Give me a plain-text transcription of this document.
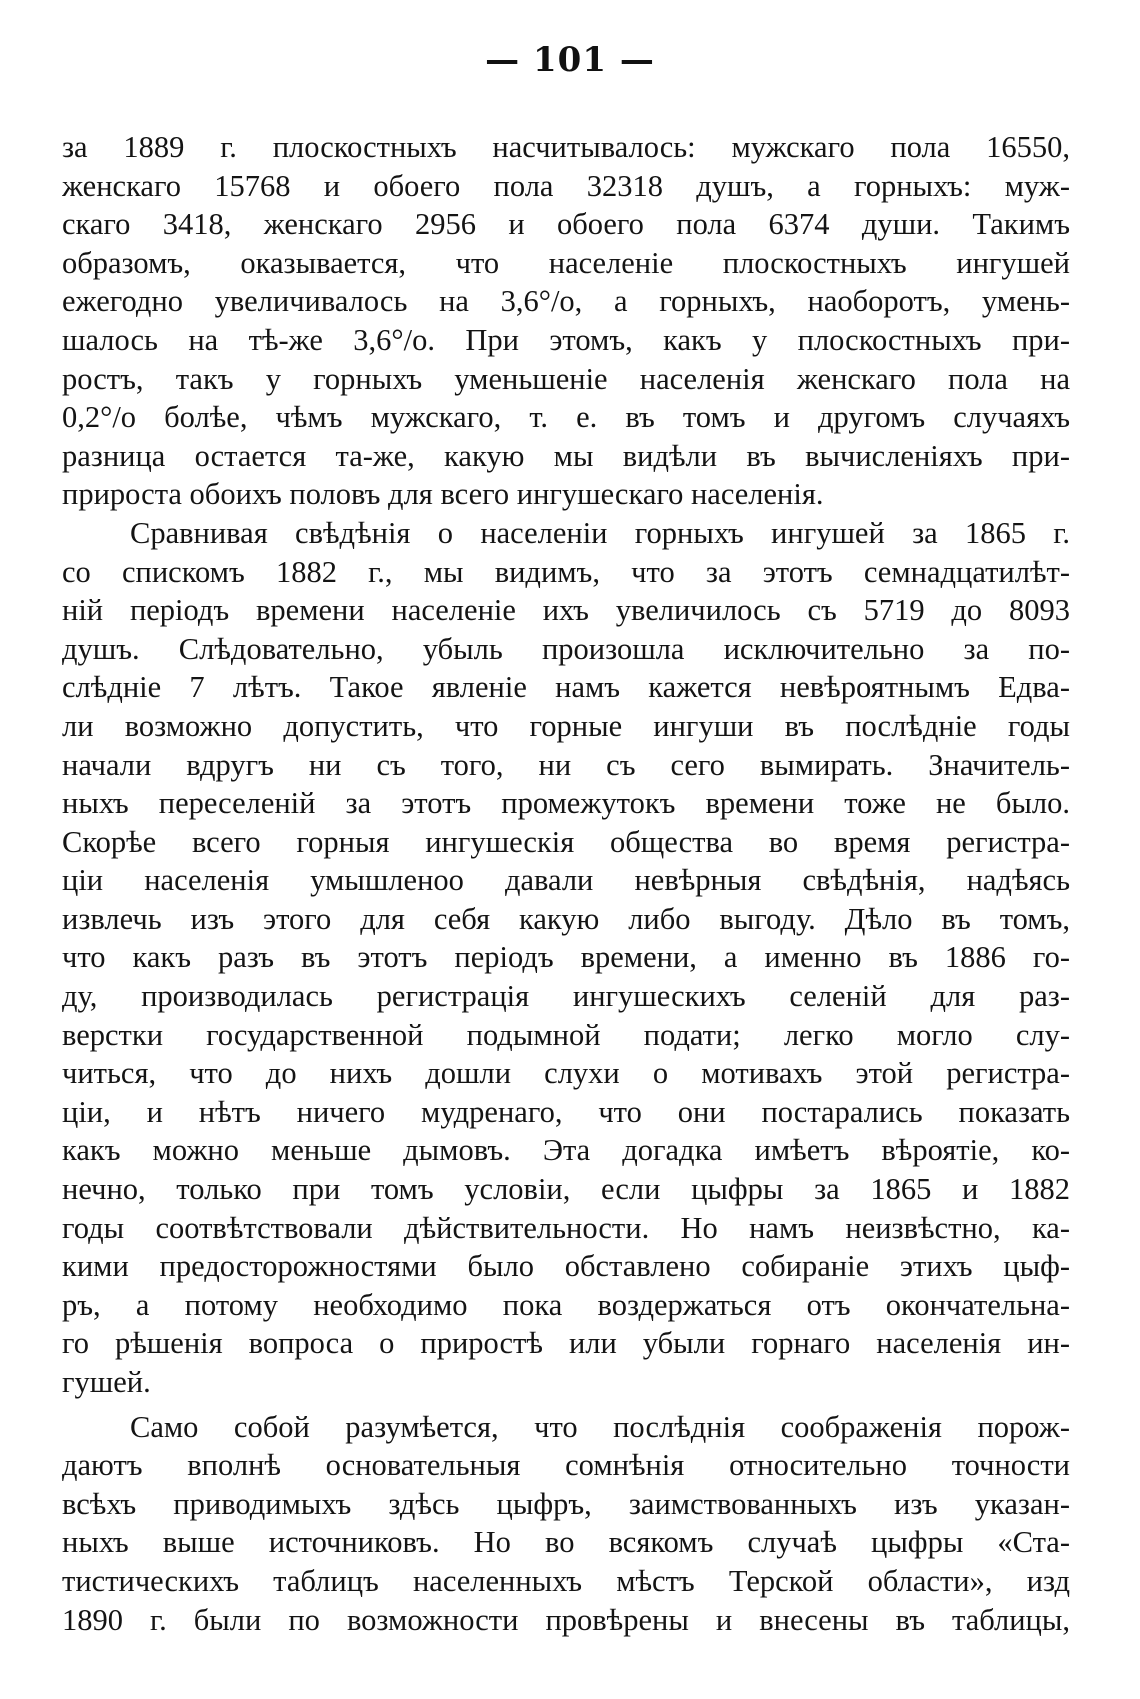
— 101 —
за 1889 г. плоскостныхъ насчитывалось: мужскаго пола 16550,
женскаго 15768 и обоего пола 32318 душъ, а горныхъ: муж-
скаго 3418, женскаго 2956 и обоего пола 6374 души. Такимъ
образомъ, оказывается, что населеніе плоскостныхъ ингушей
ежегодно увеличивалось на 3,6°/о, а горныхъ, наоборотъ, умень-
шалось на тѣ-же 3,6°/о. При этомъ, какъ у плоскостныхъ при-
ростъ, такъ у горныхъ уменьшеніе населенія женскаго пола на
0,2°/о болѣе, чѣмъ мужскаго, т. е. въ томъ и другомъ случаяхъ
разница остается та-же, какую мы видѣли въ вычисленіяхъ при-
прироста обоихъ половъ для всего ингушескаго населенія.
Сравнивая свѣдѣнія о населеніи горныхъ ингушей за 1865 г.
со спискомъ 1882 г., мы видимъ, что за этотъ семнадцатилѣт-
ній періодъ времени населеніе ихъ увеличилось съ 5719 до 8093
душъ. Слѣдовательно, убыль произошла исключительно за по-
слѣдніе 7 лѣтъ. Такое явленіе намъ кажется невѣроятнымъ Едва-
ли возможно допустить, что горные ингуши въ послѣдніе годы
начали вдругъ ни съ того, ни съ сего вымирать. Значитель-
ныхъ переселеній за этотъ промежутокъ времени тоже не было.
Скорѣе всего горныя ингушескія общества во время регистра-
ціи населенія умышленоо давали невѣрныя свѣдѣнія, надѣясь
извлечь изъ этого для себя какую либо выгоду. Дѣло въ томъ,
что какъ разъ въ этотъ періодъ времени, а именно въ 1886 го-
ду, производилась регистрація ингушескихъ селеній для раз-
верстки государственной подымной подати; легко могло слу-
читься, что до нихъ дошли слухи о мотивахъ этой регистра-
ціи, и нѣтъ ничего мудренаго, что они постарались показать
какъ можно меньше дымовъ. Эта догадка имѣетъ вѣроятіе, ко-
нечно, только при томъ условіи, если цыфры за 1865 и 1882
годы соотвѣтствовали дѣйствительности. Но намъ неизвѣстно, ка-
кими предосторожностями было обставлено собираніе этихъ цыф-
ръ, а потому необходимо пока воздержаться отъ окончательна-
го рѣшенія вопроса о приростѣ или убыли горнаго населенія ин-
гушей.
Само собой разумѣется, что послѣднія соображенія порож-
даютъ вполнѣ основательныя сомнѣнія относительно точности
всѣхъ приводимыхъ здѣсь цыфръ, заимствованныхъ изъ указан-
ныхъ выше источниковъ. Но во всякомъ случаѣ цыфры «Ста-
тистическихъ таблицъ населенныхъ мѣстъ Терской области», изд
1890 г. были по возможности провѣрены и внесены въ таблицы,
